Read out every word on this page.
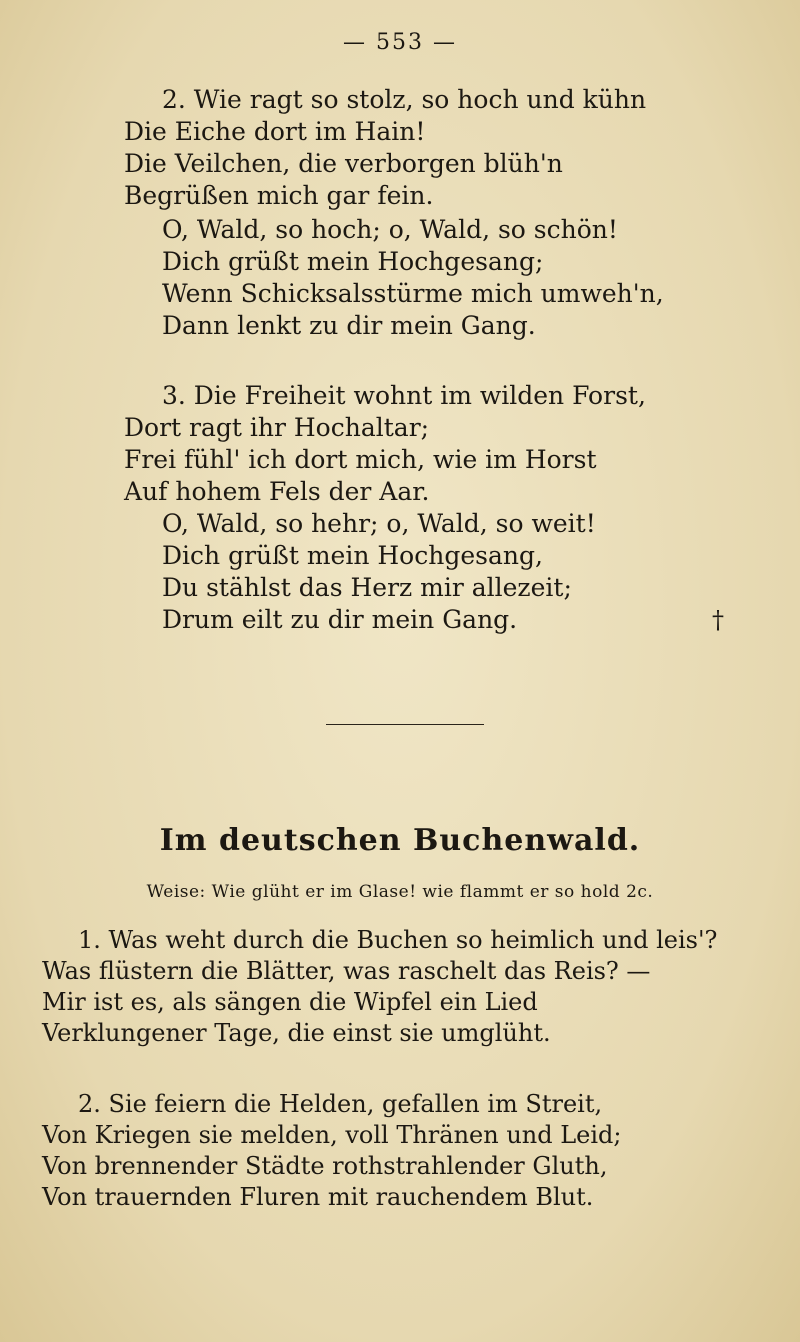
— 553 —
2. Wie ragt so stolz, so hoch und kühn
Die Eiche dort im Hain!
Die Veilchen, die verborgen blüh'n
Begrüßen mich gar fein.
O, Wald, so hoch; o, Wald, so schön!
Dich grüßt mein Hochgesang;
Wenn Schicksalsstürme mich umweh'n,
Dann lenkt zu dir mein Gang.
3. Die Freiheit wohnt im wilden Forst,
Dort ragt ihr Hochaltar;
Frei fühl' ich dort mich, wie im Horst
Auf hohem Fels der Aar.
O, Wald, so hehr; o, Wald, so weit!
Dich grüßt mein Hochgesang,
Du stählst das Herz mir allezeit;
Drum eilt zu dir mein Gang.	†
Im deutschen Buchenwald.
Weise: Wie glüht er im Glase! wie flammt er so hold 2c.
1. Was weht durch die Buchen so heimlich und leis'?
Was flüstern die Blätter, was raschelt das Reis? —
Mir ist es, als sängen die Wipfel ein Lied
Verklungener Tage, die einst sie umglüht.
2. Sie feiern die Helden, gefallen im Streit,
Von Kriegen sie melden, voll Thränen und Leid;
Von brennender Städte rothstrahlender Gluth,
Von trauernden Fluren mit rauchendem Blut.
